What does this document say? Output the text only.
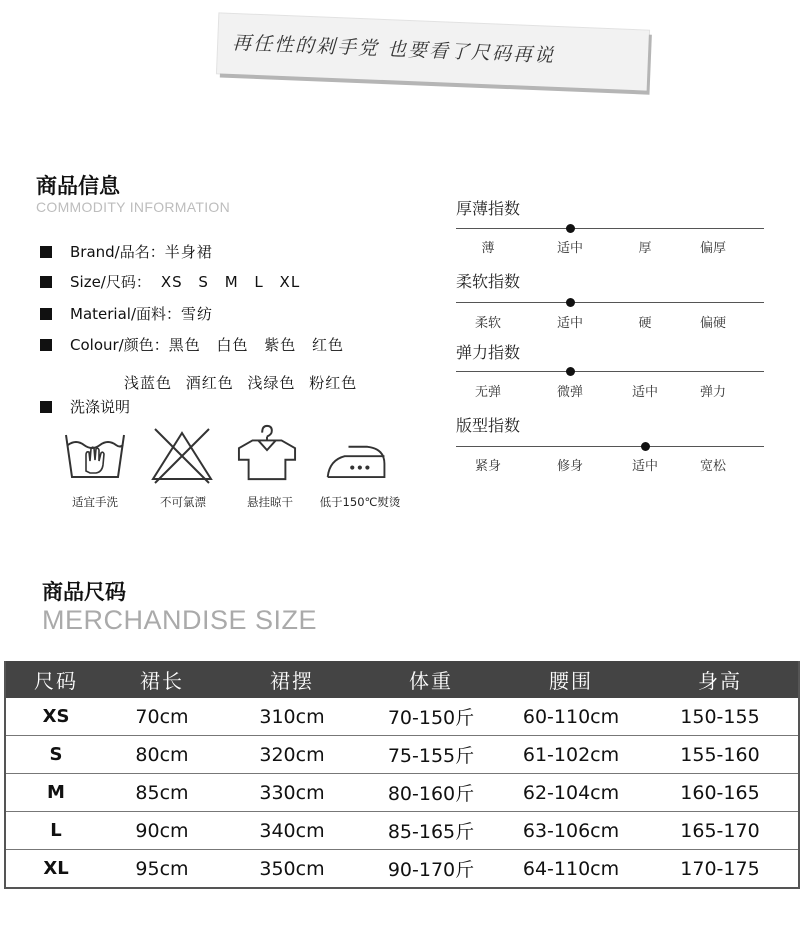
再任性的剁手党 也要看了尺码再说
商品信息
COMMODITY INFORMATION
Brand/品名：半身裙
Size/尺码： XS S M L XL
Material/面料：雪纺
Colour/颜色：黑色 白色 紫色 红色
浅蓝色 酒红色 浅绿色 粉红色
洗涤说明
适宜手洗	不可氯漂	悬挂晾干	低于150℃熨烫
厚薄指数
薄	适中	厚	偏厚
柔软指数
柔软	适中	硬	偏硬
弹力指数
无弹	微弹	适中	弹力
版型指数
紧身	修身	适中	宽松
商品尺码
MERCHANDISE SIZE
尺码	裙长	裙摆	体重	腰围	身高
XS	70cm	310cm	70-150斤	60-110cm	150-155
S	80cm	320cm	75-155斤	61-102cm	155-160
M	85cm	330cm	80-160斤	62-104cm	160-165
L	90cm	340cm	85-165斤	63-106cm	165-170
XL	95cm	350cm	90-170斤	64-110cm	170-175
